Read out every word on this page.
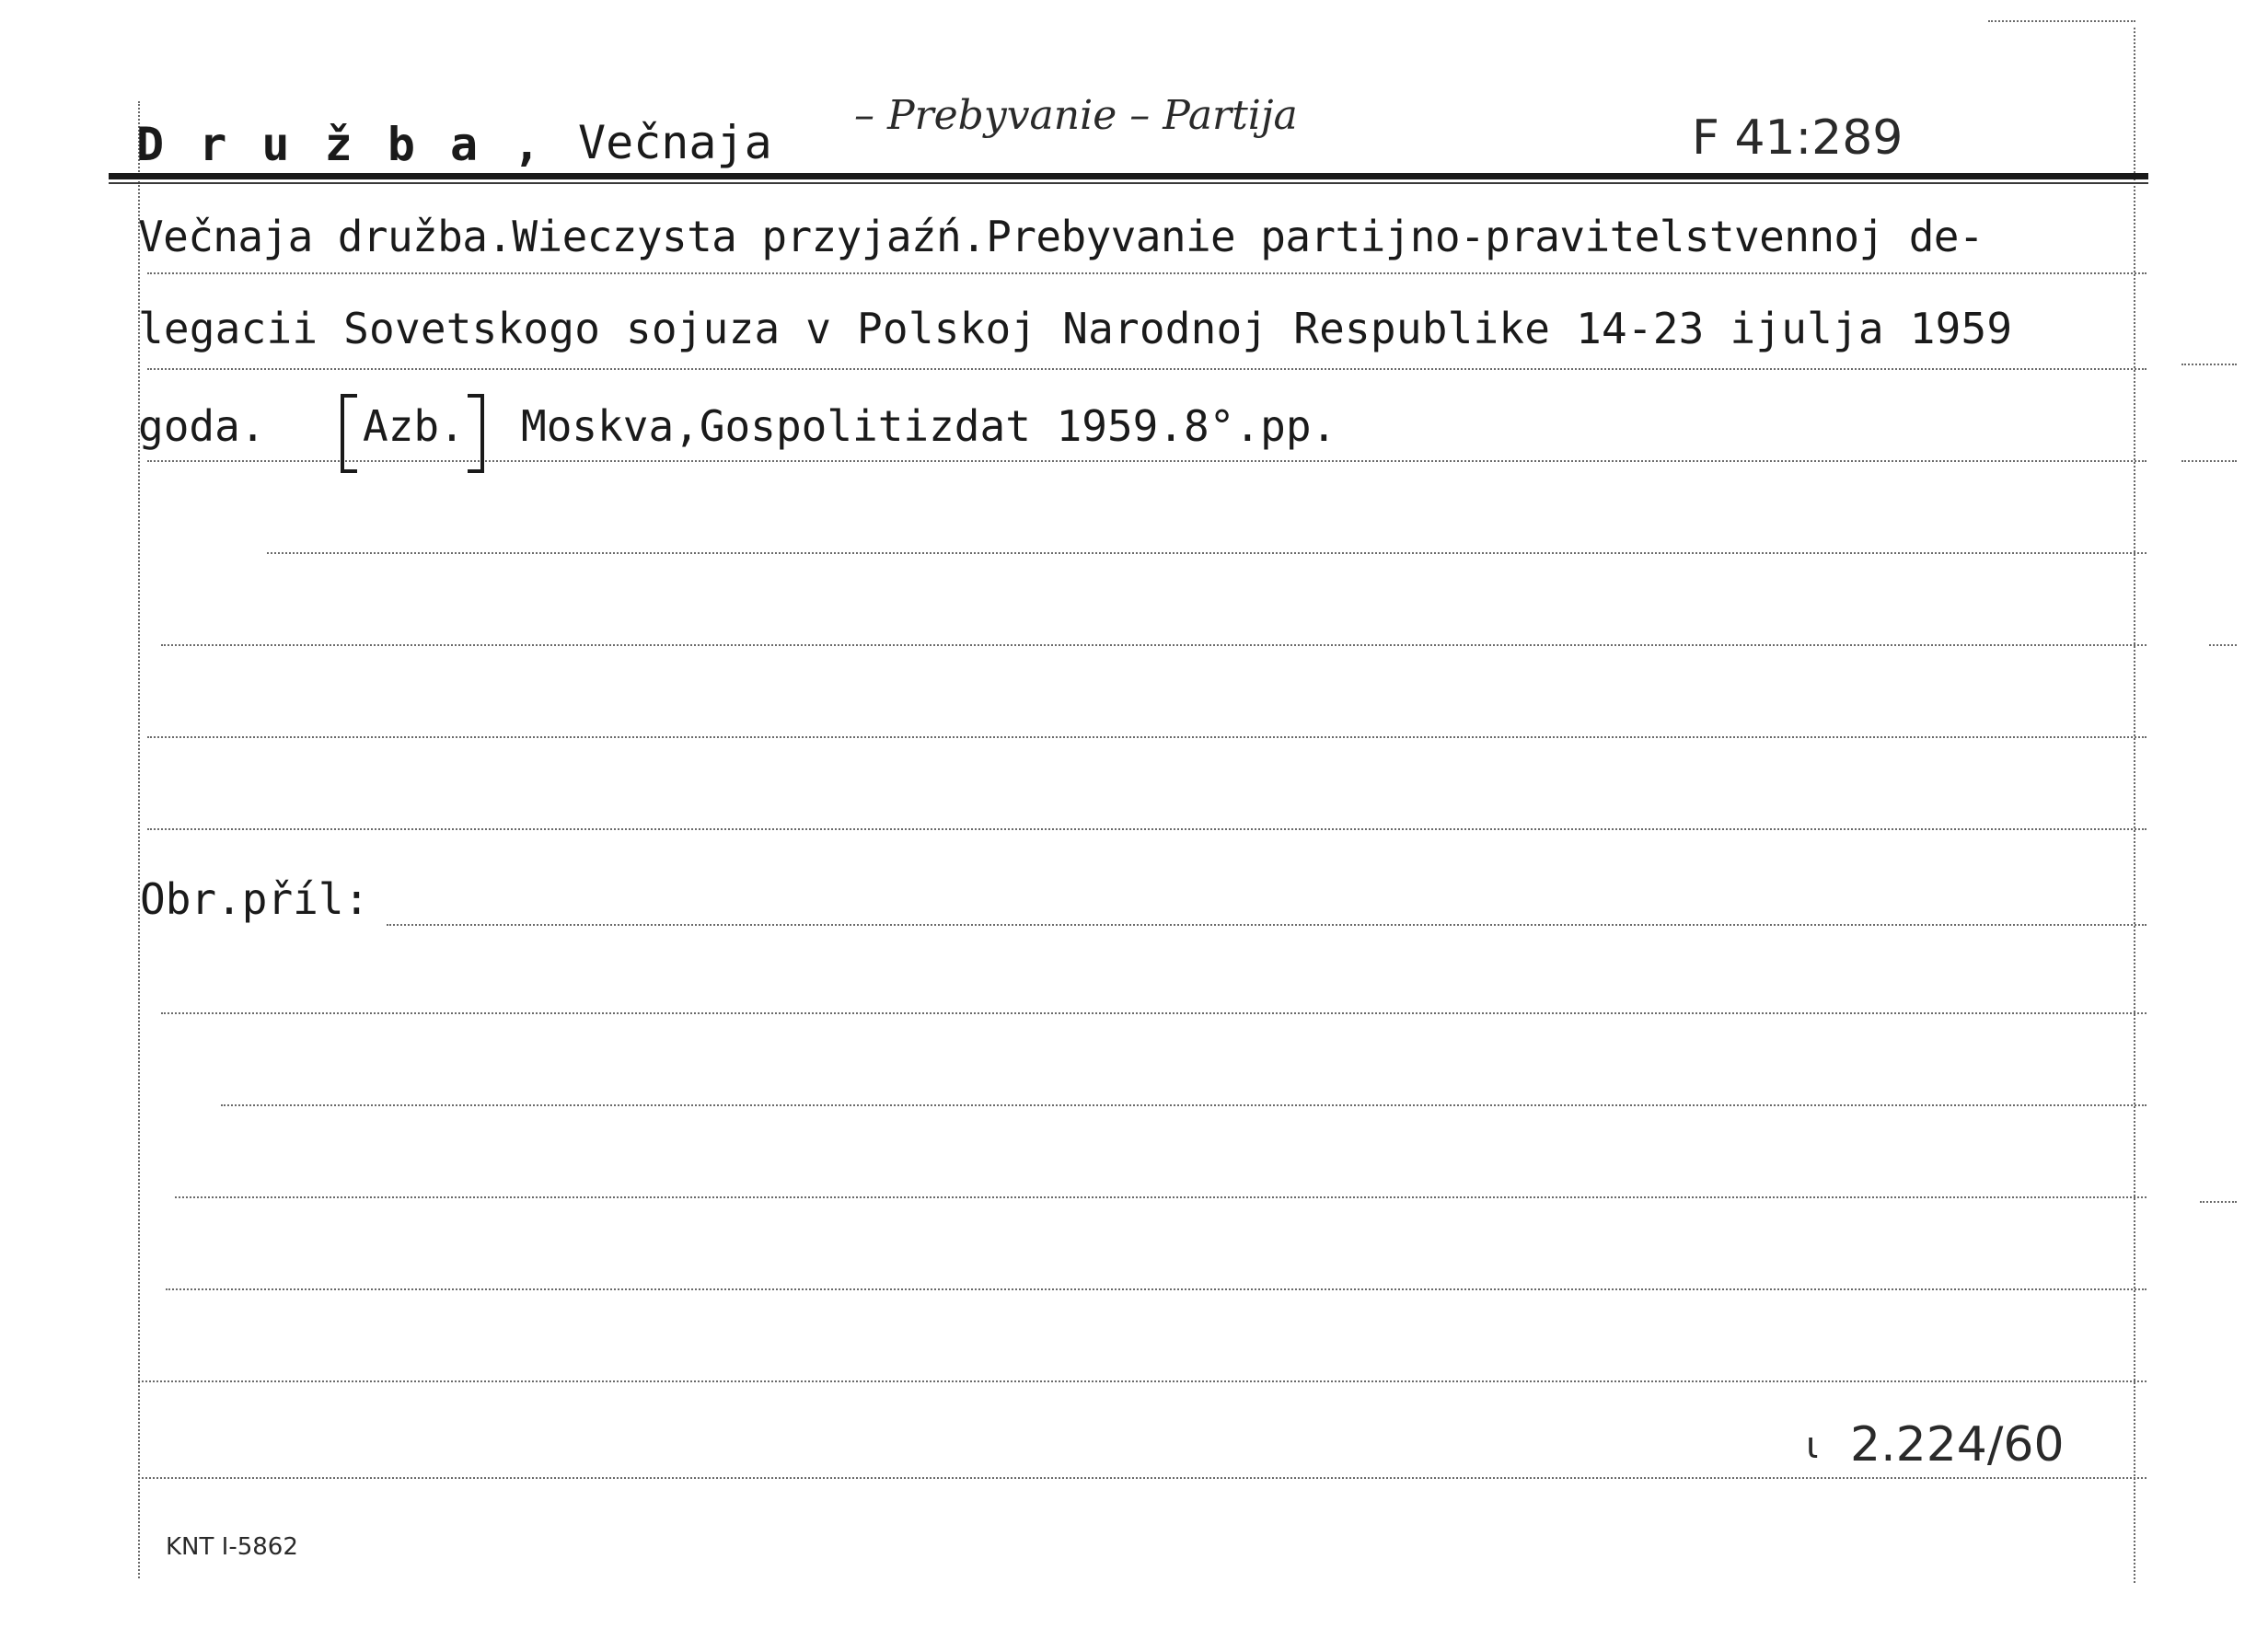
D r u ž b a , Večnaja
– Prebyvanie – Partija	F 41:289
Večnaja družba.Wieczysta przyjaźń.Prebyvanie partijno-pravitelstvennoj de-
legacii Sovetskogo sojuza v Polskoj Narodnoj Respublike 14-23 ijulja 1959
goda. Azb. Moskva,Gospolitizdat 1959.8°.pp.
Obr.příl:
ι 2.224/60
KNT I-5862
